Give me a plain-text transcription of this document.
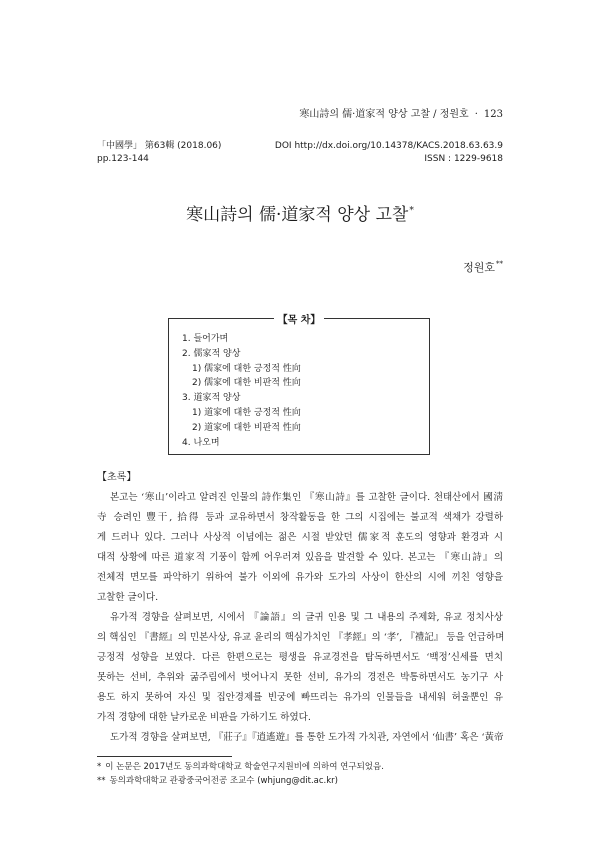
寒山詩의 儒·道家적 양상 고찰 / 정원호 · 123
「中國學」 第63輯 (2018.06)	DOI http://dx.doi.org/10.14378/KACS.2018.63.63.9
pp.123-144	ISSN : 1229-9618
寒山詩의 儒·道家적 양상 고찰*
정원호**
【목 차】
1. 들어가며
2. 儒家적 양상
1) 儒家에 대한 긍정적 性向
2) 儒家에 대한 비판적 性向
3. 道家적 양상
1) 道家에 대한 긍정적 性向
2) 道家에 대한 비판적 性向
4. 나오며
【초록】
본고는 ‘寒山’이라고 알려진 인물의 詩作集인 『寒山詩』를 고찰한 글이다. 천태산에서 國淸
寺 승려인 豐干, 拾得 등과 교유하면서 창작활동을 한 그의 시집에는 불교적 색채가 강렬하
게 드러나 있다. 그러나 사상적 이념에는 젊은 시절 받았던 儒家적 훈도의 영향과 환경과 시
대적 상황에 따른 道家적 기풍이 함께 어우러져 있음을 발견할 수 있다. 본고는 『寒山詩』의
전체적 면모를 파악하기 위하여 불가 이외에 유가와 도가의 사상이 한산의 시에 끼친 영향을
고찰한 글이다.
유가적 경향을 살펴보면, 시에서 『論語』의 글귀 인용 및 그 내용의 주제화, 유교 정치사상
의 핵심인 『書經』의 민본사상, 유교 윤리의 핵심가치인 『孝經』의 ‘孝’, 『禮記』 등을 언급하며
긍정적 성향을 보였다. 다른 한편으로는 평생을 유교경전을 탐독하면서도 ‘백정’신세를 면치
못하는 선비, 추위와 굶주림에서 벗어나지 못한 선비, 유가의 경전은 박통하면서도 농기구 사
용도 하지 못하여 자신 및 집안경제를 빈궁에 빠뜨리는 유가의 인물들을 내세워 허울뿐인 유
가적 경향에 대한 날카로운 비판을 가하기도 하였다.
도가적 경향을 살펴보면, 『莊子』『逍遙遊』를 통한 도가적 가치관, 자연에서 ‘仙書’ 혹은 ‘黃帝
* 이 논문은 2017년도 동의과학대학교 학술연구지원비에 의하여 연구되었음.
** 동의과학대학교 관광중국어전공 조교수 (whjung@dit.ac.kr)
